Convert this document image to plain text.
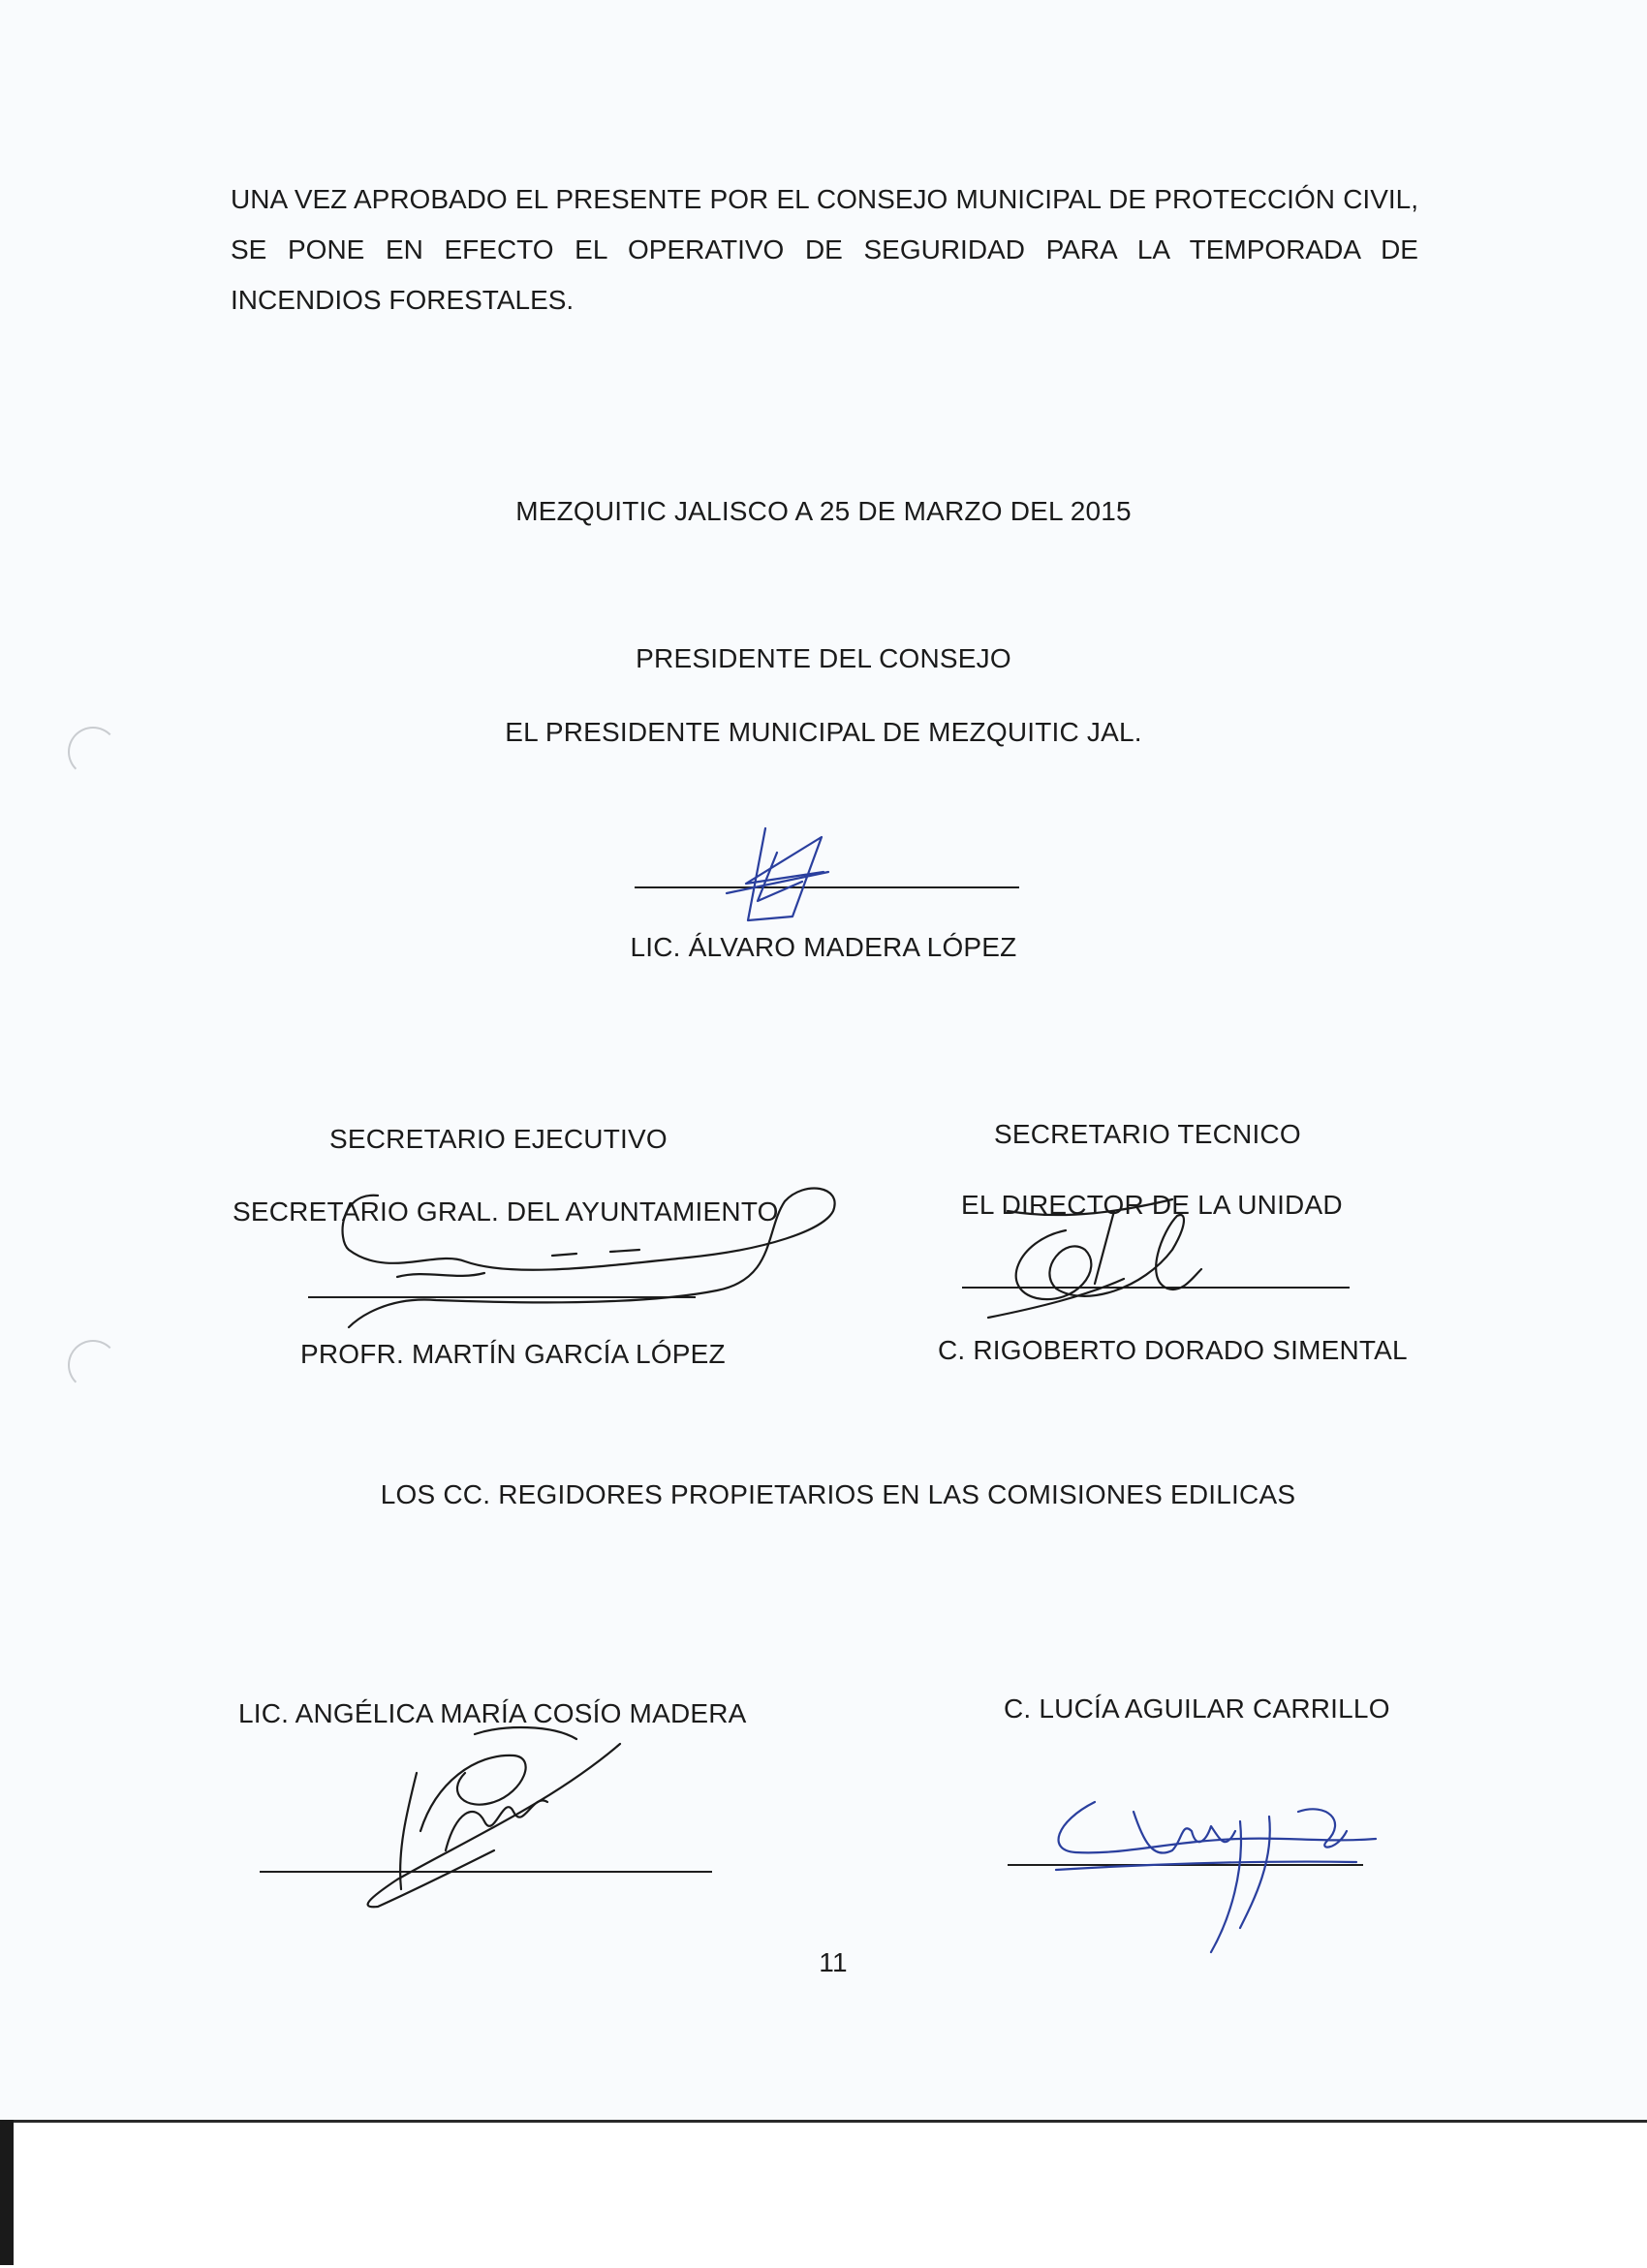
UNA VEZ APROBADO EL PRESENTE POR EL CONSEJO MUNICIPAL DE PROTECCIÓN CIVIL, SE PONE EN EFECTO EL OPERATIVO DE SEGURIDAD PARA LA TEMPORADA DE INCENDIOS FORESTALES.
MEZQUITIC JALISCO A 25 DE MARZO DEL 2015
PRESIDENTE DEL CONSEJO
EL PRESIDENTE MUNICIPAL DE MEZQUITIC JAL.
LIC. ÁLVARO MADERA LÓPEZ
SECRETARIO EJECUTIVO
SECRETARIO GRAL. DEL AYUNTAMIENTO
PROFR. MARTÍN GARCÍA LÓPEZ
SECRETARIO TECNICO
EL DIRECTOR DE LA UNIDAD
C. RIGOBERTO DORADO SIMENTAL
LOS CC. REGIDORES PROPIETARIOS EN LAS COMISIONES EDILICAS
LIC. ANGÉLICA MARÍA COSÍO MADERA	C. LUCÍA AGUILAR CARRILLO
11
